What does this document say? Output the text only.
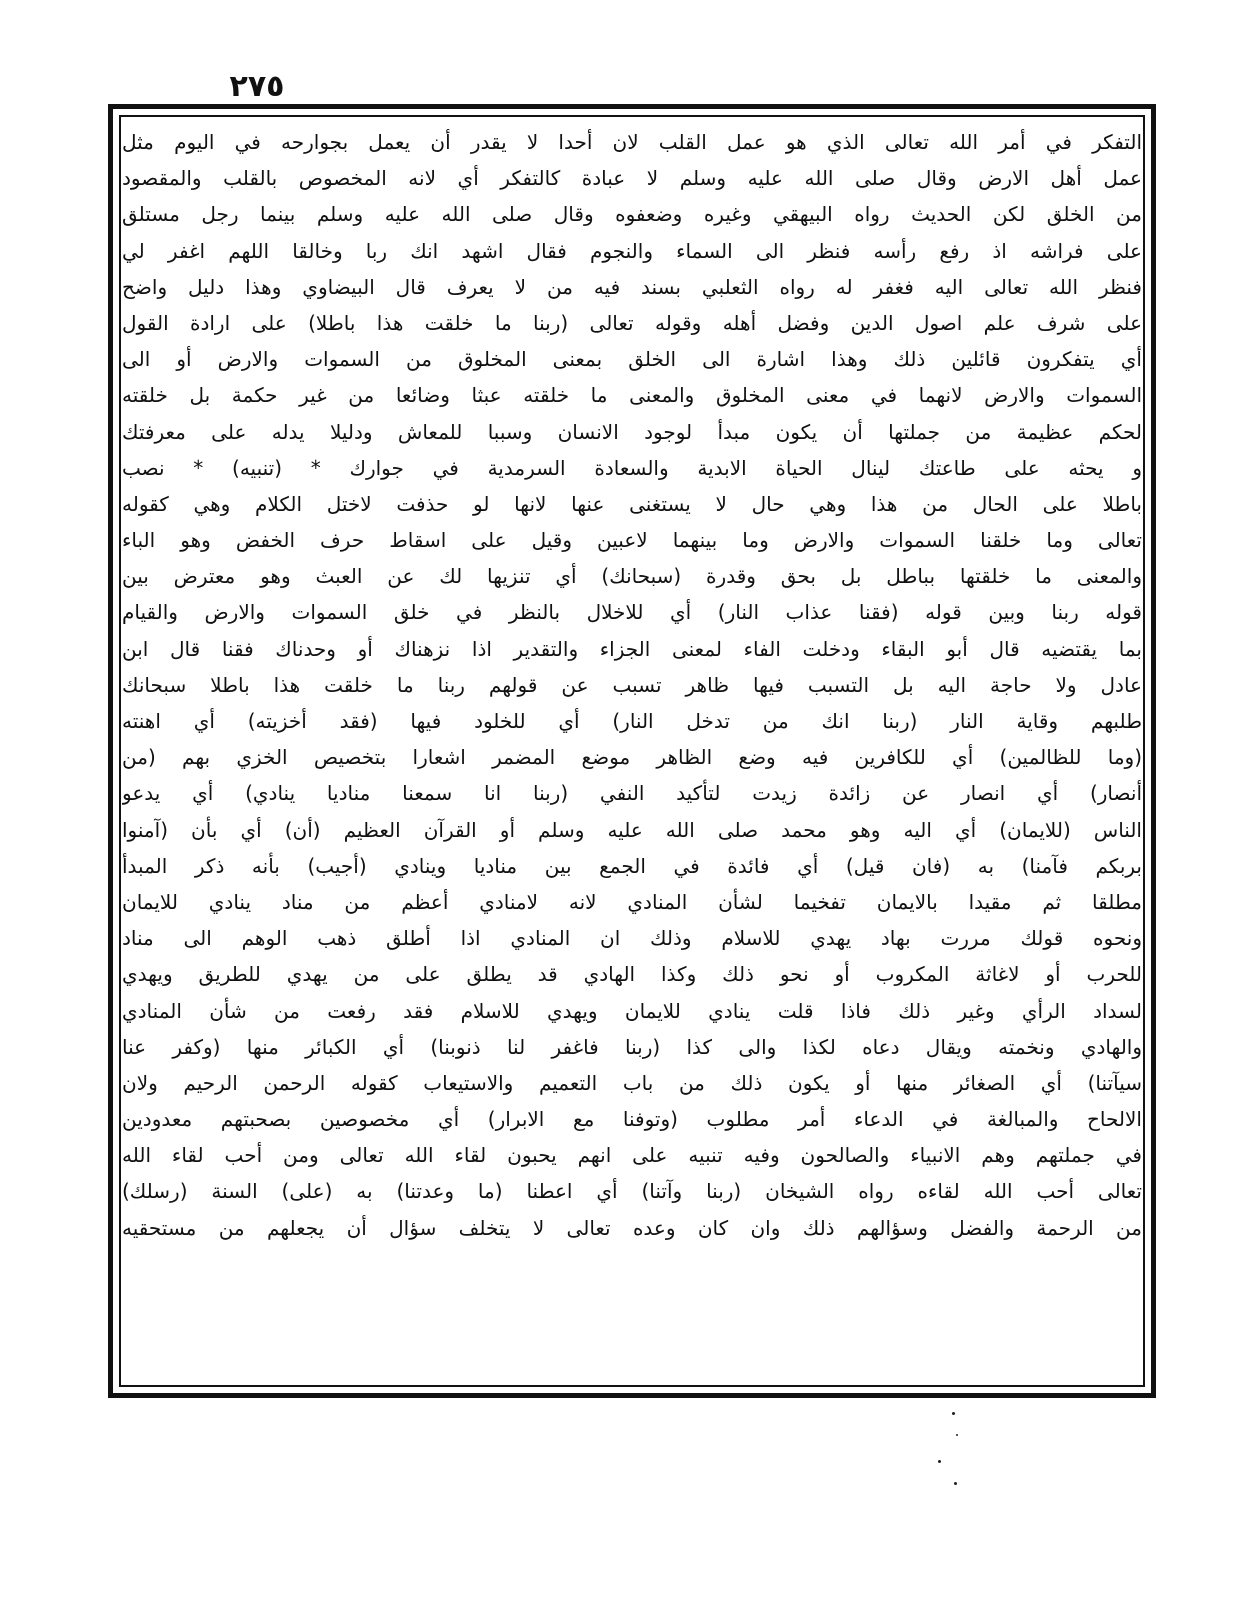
٢٧٥
التفكر في أمر الله تعالى الذي هو عمل القلب لان أحدا لا يقدر أن يعمل بجوارحه في اليوم مثل
عمل أهل الارض وقال صلى الله عليه وسلم لا عبادة كالتفكر أي لانه المخصوص بالقلب والمقصود
من الخلق لكن الحديث رواه البيهقي وغيره وضعفوه وقال صلى الله عليه وسلم بينما رجل مستلق
على فراشه اذ رفع رأسه فنظر الى السماء والنجوم فقال اشهد انك ربا وخالقا اللهم اغفر لي
فنظر الله تعالى اليه فغفر له رواه الثعلبي بسند فيه من لا يعرف قال البيضاوي وهذا دليل واضح
على شرف علم اصول الدين وفضل أهله وقوله تعالى (ربنا ما خلقت هذا باطلا) على ارادة القول
أي يتفكرون قائلين ذلك وهذا اشارة الى الخلق بمعنى المخلوق من السموات والارض أو الى
السموات والارض لانهما في معنى المخلوق والمعنى ما خلقته عبثا وضائعا من غير حكمة بل خلقته
لحكم عظيمة من جملتها أن يكون مبدأ لوجود الانسان وسببا للمعاش ودليلا يدله على معرفتك
و يحثه على طاعتك لينال الحياة الابدية والسعادة السرمدية في جوارك * (تنبيه) * نصب
باطلا على الحال من هذا وهي حال لا يستغنى عنها لانها لو حذفت لاختل الكلام وهي كقوله
تعالى وما خلقنا السموات والارض وما بينهما لاعبين وقيل على اسقاط حرف الخفض وهو الباء
والمعنى ما خلقتها بباطل بل بحق وقدرة (سبحانك) أي تنزيها لك عن العبث وهو معترض بين
قوله ربنا وبين قوله (فقنا عذاب النار) أي للاخلال بالنظر في خلق السموات والارض والقيام
بما يقتضيه قال أبو البقاء ودخلت الفاء لمعنى الجزاء والتقدير اذا نزهناك أو وحدناك فقنا قال ابن
عادل ولا حاجة اليه بل التسبب فيها ظاهر تسبب عن قولهم ربنا ما خلقت هذا باطلا سبحانك
طلبهم وقاية النار (ربنا انك من تدخل النار) أي للخلود فيها (فقد أخزيته) أي اهنته
(وما للظالمين) أي للكافرين فيه وضع الظاهر موضع المضمر اشعارا بتخصيص الخزي بهم (من
أنصار) أي انصار عن زائدة زيدت لتأكيد النفي (ربنا انا سمعنا مناديا ينادي) أي يدعو
الناس (للايمان) أي اليه وهو محمد صلى الله عليه وسلم أو القرآن العظيم (أن) أي بأن (آمنوا
بربكم فآمنا) به (فان قيل) أي فائدة في الجمع بين مناديا وينادي (أجيب) بأنه ذكر المبدأ
مطلقا ثم مقيدا بالايمان تفخيما لشأن المنادي لانه لامنادي أعظم من مناد ينادي للايمان
ونحوه قولك مررت بهاد يهدي للاسلام وذلك ان المنادي اذا أطلق ذهب الوهم الى مناد
للحرب أو لاغاثة المكروب أو نحو ذلك وكذا الهادي قد يطلق على من يهدي للطريق ويهدي
لسداد الرأي وغير ذلك فاذا قلت ينادي للايمان ويهدي للاسلام فقد رفعت من شأن المنادي
والهادي ونخمته ويقال دعاه لكذا والى كذا (ربنا فاغفر لنا ذنوبنا) أي الكبائر منها (وكفر عنا
سيآتنا) أي الصغائر منها أو يكون ذلك من باب التعميم والاستيعاب كقوله الرحمن الرحيم ولان
الالحاح والمبالغة في الدعاء أمر مطلوب (وتوفنا مع الابرار) أي مخصوصين بصحبتهم معدودين
في جملتهم وهم الانبياء والصالحون وفيه تنبيه على انهم يحبون لقاء الله تعالى ومن أحب لقاء الله
تعالى أحب الله لقاءه رواه الشيخان (ربنا وآتنا) أي اعطنا (ما وعدتنا) به (على) السنة (رسلك)
من الرحمة والفضل وسؤالهم ذلك وان كان وعده تعالى لا يتخلف سؤال أن يجعلهم من مستحقيه
